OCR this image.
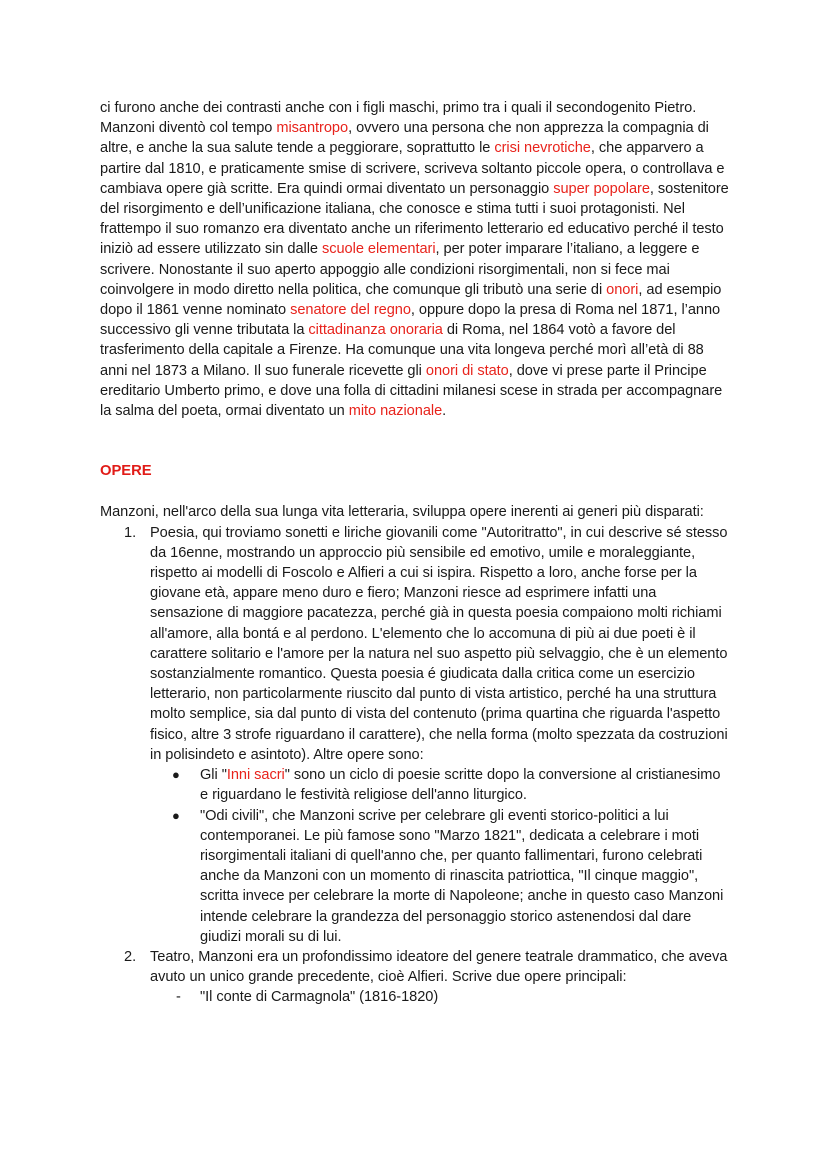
ci furono anche dei contrasti anche con i figli maschi, primo tra i quali il secondogenito Pietro. Manzoni diventò col tempo misantropo, ovvero una persona che non apprezza la compagnia di altre, e anche la sua salute tende a peggiorare, soprattutto le crisi nevrotiche, che apparvero a partire dal 1810, e praticamente smise di scrivere, scriveva soltanto piccole opera, o controllava e cambiava opere già scritte. Era quindi ormai diventato un personaggio super popolare, sostenitore del risorgimento e dell’unificazione italiana, che conosce e stima tutti i suoi protagonisti. Nel frattempo il suo romanzo era diventato anche un riferimento letterario ed educativo perché il testo iniziò ad essere utilizzato sin dalle scuole elementari, per poter imparare l’italiano, a leggere e scrivere. Nonostante il suo aperto appoggio alle condizioni risorgimentali, non si fece mai coinvolgere in modo diretto nella politica, che comunque gli tributò una serie di onori, ad esempio dopo il 1861 venne nominato senatore del regno, oppure dopo la presa di Roma nel 1871, l’anno successivo gli venne tributata la cittadinanza onoraria di Roma, nel 1864 votò a favore del trasferimento della capitale a Firenze. Ha comunque una vita longeva perché morì all’età di 88 anni nel 1873 a Milano. Il suo funerale ricevette gli onori di stato, dove vi prese parte il Principe ereditario Umberto primo, e dove una folla di cittadini milanesi scese in strada per accompagnare la salma del poeta, ormai diventato un mito nazionale.

OPERE

Manzoni, nell'arco della sua lunga vita letteraria, sviluppa opere inerenti ai generi più disparati:

1. Poesia, qui troviamo sonetti e liriche giovanili come "Autoritratto", in cui descrive sé stesso da 16enne, mostrando un approccio più sensibile ed emotivo, umile e moraleggiante, rispetto ai modelli di Foscolo e Alfieri a cui si ispira. Rispetto a loro, anche forse per la giovane età, appare meno duro e fiero; Manzoni riesce ad esprimere infatti una sensazione di maggiore pacatezza, perché già in questa poesia compaiono molti richiami all'amore, alla bontá e al perdono. L'elemento che lo accomuna di più ai due poeti è il carattere solitario e l'amore per la natura nel suo aspetto più selvaggio, che è un elemento sostanzialmente romantico. Questa poesia é giudicata dalla critica come un esercizio letterario, non particolarmente riuscito dal punto di vista artistico, perché ha una struttura molto semplice, sia dal punto di vista del contenuto (prima quartina che riguarda l'aspetto fisico, altre 3 strofe riguardano il carattere), che nella forma (molto spezzata da costruzioni in polisindeto e asintoto). Altre opere sono:
● Gli "Inni sacri" sono un ciclo di poesie scritte dopo la conversione al cristianesimo e riguardano le festività religiose dell'anno liturgico.
● "Odi civili", che Manzoni scrive per celebrare gli eventi storico-politici a lui contemporanei. Le più famose sono "Marzo 1821", dedicata a celebrare i moti risorgimentali italiani di quell'anno che, per quanto fallimentari, furono celebrati anche da Manzoni con un momento di rinascita patriottica, "Il cinque maggio", scritta invece per celebrare la morte di Napoleone; anche in questo caso Manzoni intende celebrare la grandezza del personaggio storico astenendosi dal dare giudizi morali su di lui.
2. Teatro, Manzoni era un profondissimo ideatore del genere teatrale drammatico, che aveva avuto un unico grande precedente, cioè Alfieri. Scrive due opere principali:
- "Il conte di Carmagnola" (1816-1820)
